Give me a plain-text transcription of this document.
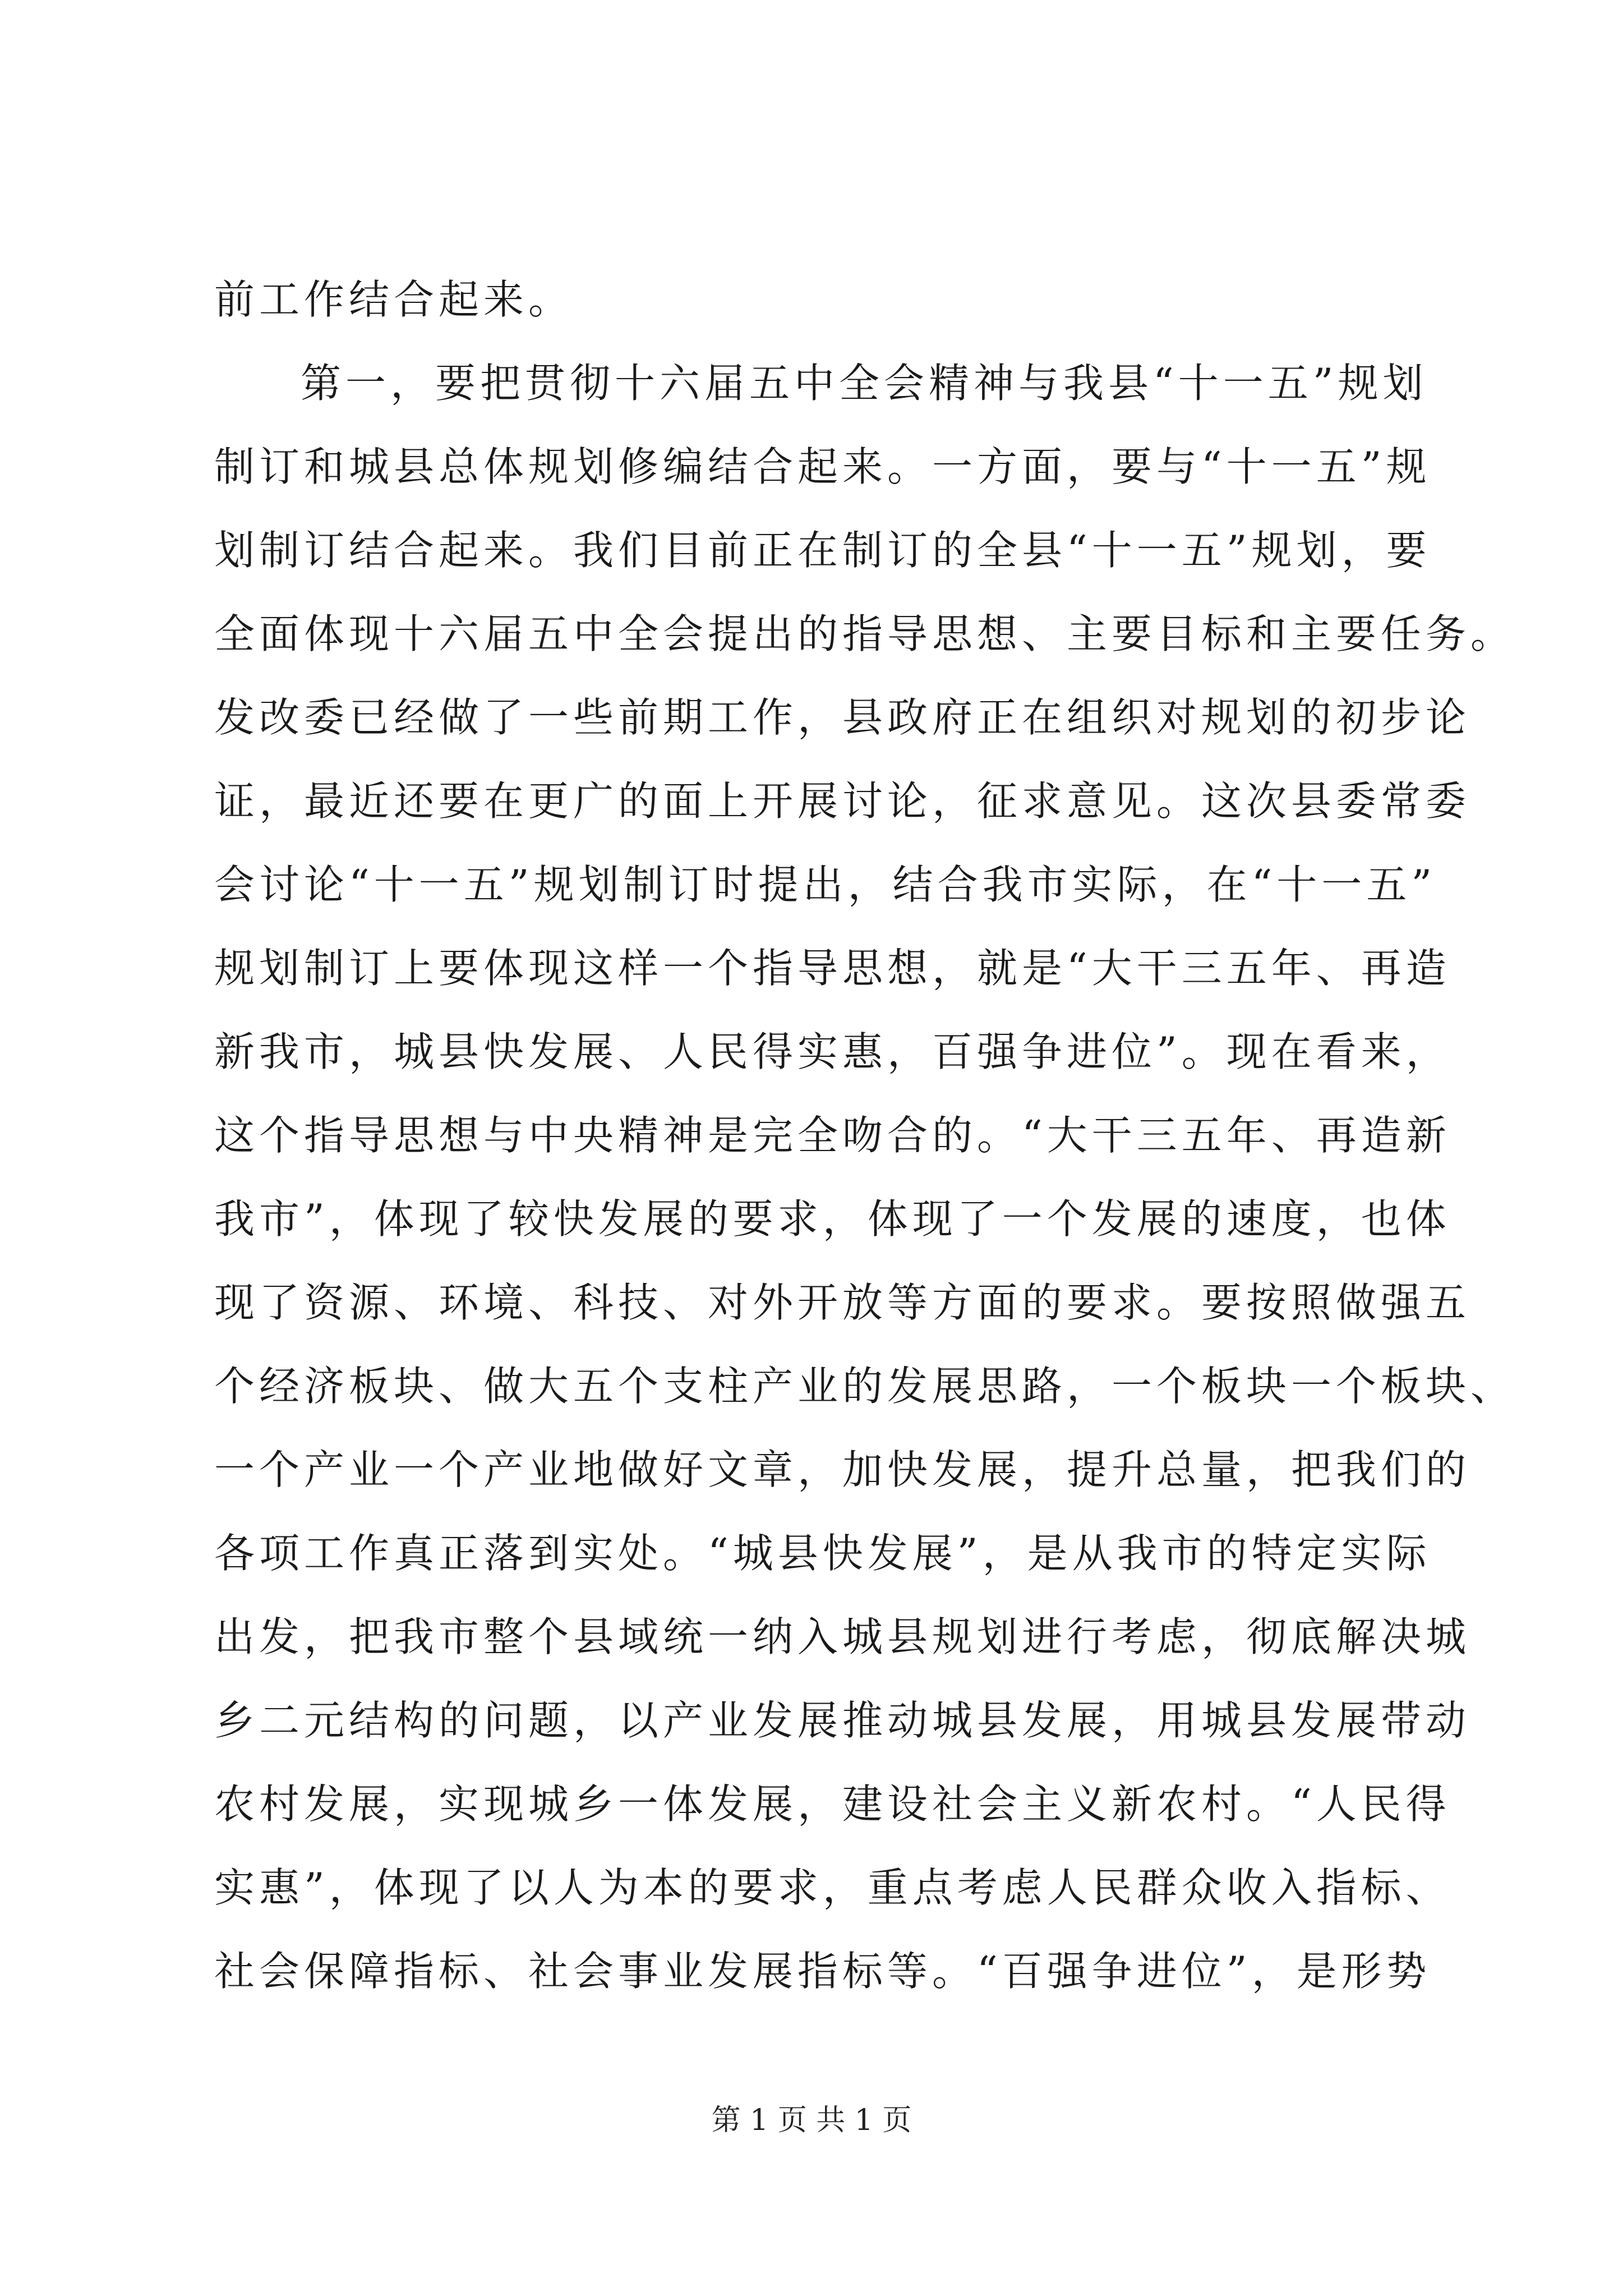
前工作结合起来。
第一，要把贯彻十六届五中全会精神与我县“十一五”规划
制订和城县总体规划修编结合起来。一方面，要与“十一五”规
划制订结合起来。我们目前正在制订的全县“十一五”规划，要
全面体现十六届五中全会提出的指导思想、主要目标和主要任务。
发改委已经做了一些前期工作，县政府正在组织对规划的初步论
证，最近还要在更广的面上开展讨论，征求意见。这次县委常委
会讨论“十一五”规划制订时提出，结合我市实际，在“十一五”
规划制订上要体现这样一个指导思想，就是“大干三五年、再造
新我市，城县快发展、人民得实惠，百强争进位”。现在看来，
这个指导思想与中央精神是完全吻合的。“大干三五年、再造新
我市”，体现了较快发展的要求，体现了一个发展的速度，也体
现了资源、环境、科技、对外开放等方面的要求。要按照做强五
个经济板块、做大五个支柱产业的发展思路，一个板块一个板块、
一个产业一个产业地做好文章，加快发展，提升总量，把我们的
各项工作真正落到实处。“城县快发展”，是从我市的特定实际
出发，把我市整个县域统一纳入城县规划进行考虑，彻底解决城
乡二元结构的问题，以产业发展推动城县发展，用城县发展带动
农村发展，实现城乡一体发展，建设社会主义新农村。“人民得
实惠”，体现了以人为本的要求，重点考虑人民群众收入指标、
社会保障指标、社会事业发展指标等。“百强争进位”，是形势
第 1 页 共 1 页
